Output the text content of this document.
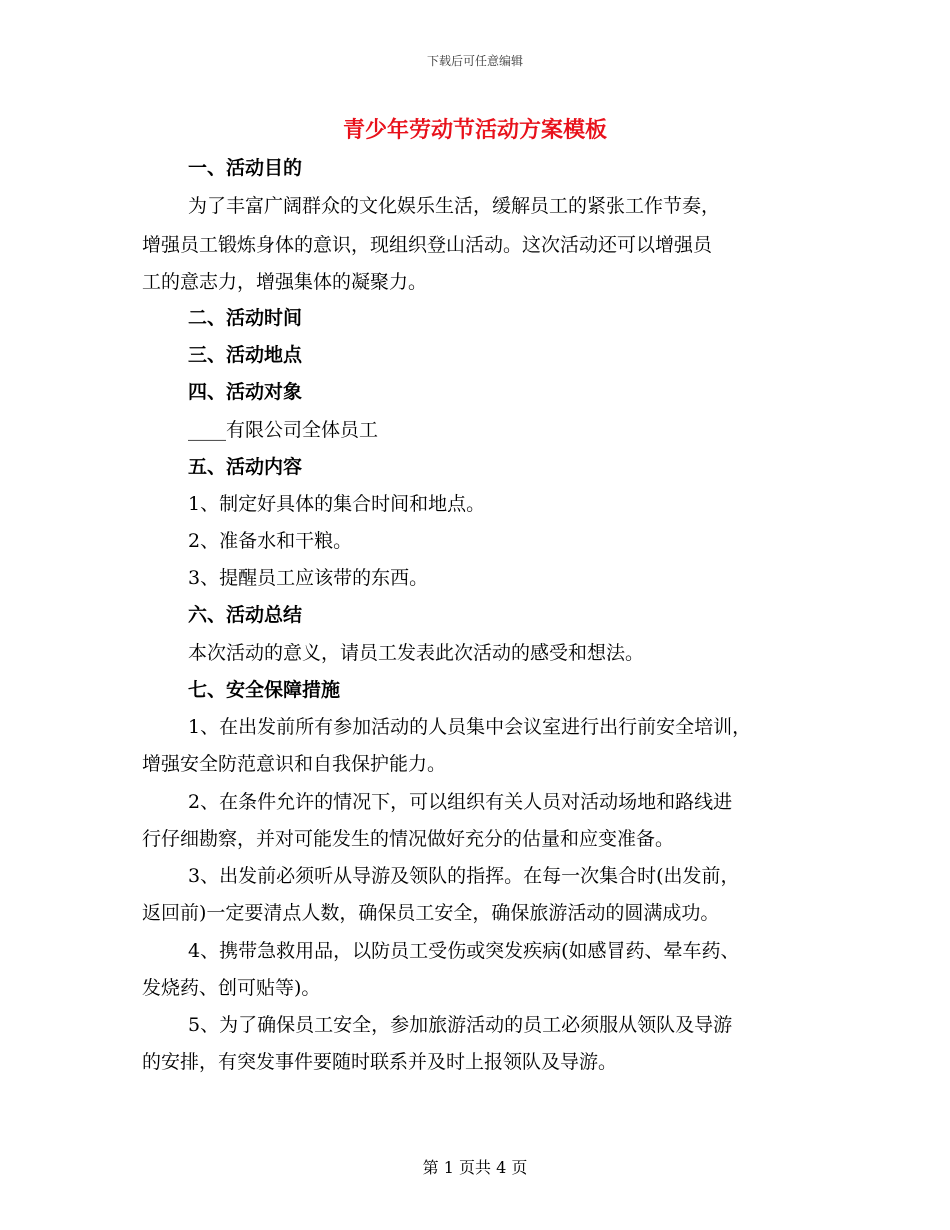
下载后可任意编辑
青少年劳动节活动方案模板
一、活动目的
为了丰富广阔群众的文化娱乐生活，缓解员工的紧张工作节奏，
增强员工锻炼身体的意识，现组织登山活动。这次活动还可以增强员
工的意志力，增强集体的凝聚力。
二、活动时间
三、活动地点
四、活动对象
____有限公司全体员工
五、活动内容
1、制定好具体的集合时间和地点。
2、准备水和干粮。
3、提醒员工应该带的东西。
六、活动总结
本次活动的意义，请员工发表此次活动的感受和想法。
七、安全保障措施
1、在出发前所有参加活动的人员集中会议室进行出行前安全培训，
增强安全防范意识和自我保护能力。
2、在条件允许的情况下，可以组织有关人员对活动场地和路线进
行仔细勘察，并对可能发生的情况做好充分的估量和应变准备。
3、出发前必须听从导游及领队的指挥。在每一次集合时(出发前，
返回前)一定要清点人数，确保员工安全，确保旅游活动的圆满成功。
4、携带急救用品，以防员工受伤或突发疾病(如感冒药、晕车药、
发烧药、创可贴等)。
5、为了确保员工安全，参加旅游活动的员工必须服从领队及导游
的安排，有突发事件要随时联系并及时上报领队及导游。
第 1 页共 4 页
